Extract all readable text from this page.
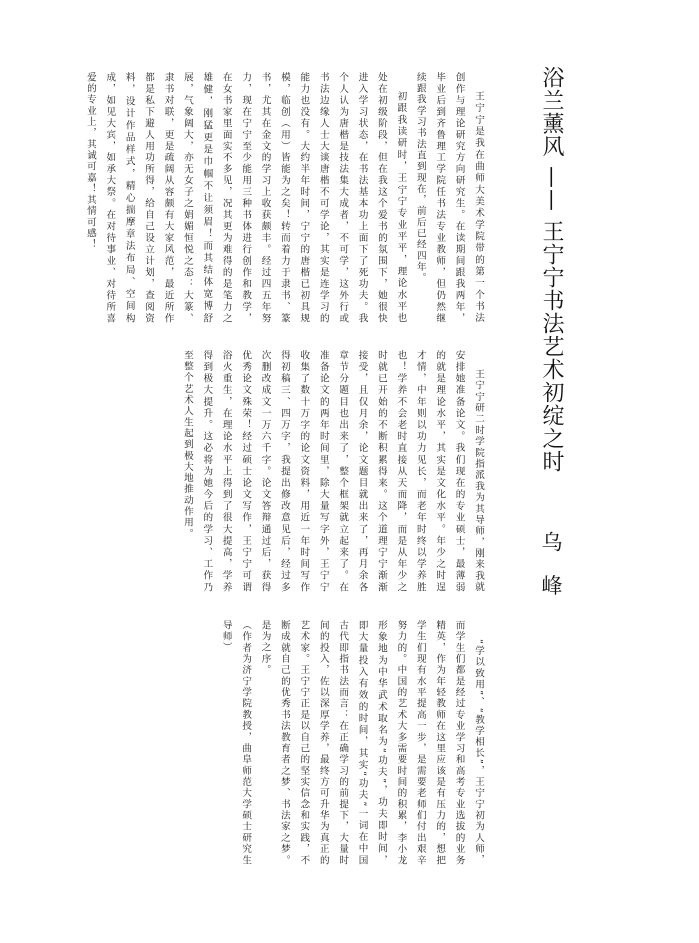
浴兰薰风 —— 王宁宁书法艺术初绽之时
乌 峰

王宁宁是我在曲师大美术学院带的第一个书法创作与理论研究方向研究生。在读期间跟我两年，毕业后到齐鲁理工学院任书法专业教师，但仍然继续跟我学习书法直到现在，前后已经四年。

初跟我读研时，王宁宁专业平平，理论水平也处在初级阶段，但在我这个爱书的氛围下，她很快进入学习状态，在书法基本功上面下了死功夫。我个人认为唐楷是技法集大成者，不可学，这外行或书法边缘人士大谈唐楷不可学论，其实是连学习的能力也没有。大约半年时间，宁宁的唐楷已初具规模，临创（用）皆能为之矣！转而着力于隶书、篆书，尤其在金文的学习上收获颇丰。经过四五年努力，现在宁宁至少能用三种书体进行创作和教学，在女书家里面实不多见，况其更为难得的是笔力之雄健，刚猛更是巾帼不让须眉！而其结体宽博舒展，气象阔大，亦无女子之娟媚恒悦之态：大篆、隶书对联，更是疏阔从容颇有大家风范，最近所作都是私下避人用功所得，给自己设立计划，查阅资料，设计作品样式，精心揣摩章法布局、空间构成，如见大宾，如承大祭。在对待事业、对待所喜爱的专业上，其诚可嘉！其情可感！

王宁宁研二时学院指派我为其导师，刚来我就安排她准备论文。我们现在的专业硕士，最薄弱的就是理论水平，其实是文化水平。年少之时逞才情，中年则以功力见长，而老年时终以学养胜也！学养不会老时直接从天而降，而是从年少之时就已开始的不断积累得来。这个道理宁宁渐渐接受，且仅月余，论文题目就出来了，再月余各章节分题目也出来了，整个框架就立起来了。在准备论文的两年时间里，除大量写字外，王宁宁收集了数十万字的论文资料，用近一年时间写作得初稿三、四万字，我提出修改意见后，经过多次删改成文一万六千字。论文答辩通过后，获得优秀论文殊荣！经过硕士论文写作，王宁宁可谓浴火重生，在理论水平上得到了很大提高，学养得到极大提升。这必将为她今后的学习、工作乃至整个艺术人生起到极大地推动作用。

“学以致用”、“教学相长”，王宁宁初为人师，而学生们都是经过专业学习和高考专业选拔的业务精英，作为年轻教师在这里应该是有压力的，想把学生们现有水平提高一步，是需要老师们付出艰辛努力的。中国的艺术大多需要时间的积累，李小龙形象地为中华武术取名为“功夫”，功夫即时间，即大量投入有效的时间，其实“功夫”一词在中国古代即指书法而言：在正确学习的前提下，大量时间的投入，佐以深厚学养，最终方可升华为真正的艺术家。王宁宁正是以自己的坚实信念和实践，不断成就自己的优秀书法教育者之梦、书法家之梦。是为之序。

（作者为济宁学院教授，曲阜师范大学硕士研究生导师）
